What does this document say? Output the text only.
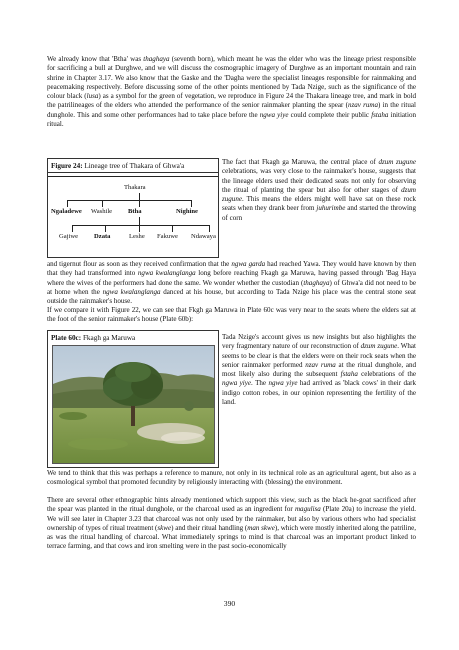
We already know that 'Btha' was thaghaya (seventh born), which meant he was the elder who was the lineage priest responsible for sacrificing a bull at Durghwe, and we will discuss the cosmographic imagery of Durghwe as an important mountain and rain shrine in Chapter 3.17. We also know that the Gaske and the 'Dagha were the specialist lineages responsible for rainmaking and peacemaking respectively. Before discussing some of the other points mentioned by Tada Nzige, such as the significance of the colour black (lusa) as a symbol for the green of vegetation, we reproduce in Figure 24 the Thakara lineage tree, and mark in bold the patrilineages of the elders who attended the performance of the senior rainmaker planting the spear (nzav ruma) in the ritual dunghole. This and some other performances had to take place before the ngwa yiye could complete their public fstaha initiation ritual.

Figure 24: Lineage tree of Thakara of Ghwa'a
Thakara
Ngaladewe Washile Btha	Nighine
Gajiwe Dzata	Leshe Fakuwe Ndawaya

The fact that Fkagh ga Maruwa, the central place of dzum zugune celebrations, was very close to the rainmaker's house, suggests that the lineage elders used their dedicated seats not only for observing the ritual of planting the spear but also for other stages of dzum zugune. This means the elders might well have sat on these rock seats when they drank beer from juhurimbe and started the throwing of corn

and tigernut flour as soon as they received confirmation that the ngwa garda had reached Yawa. They would have known by then that they had transformed into ngwa kwalanglanga long before reaching Fkagh ga Maruwa, having passed through 'Bag Haya where the wives of the performers had done the same. We wonder whether the custodian (thaghaya) of Ghwa'a did not need to be at home when the ngwa kwalanglanga danced at his house, but according to Tada Nzige his place was the central stone seat outside the rainmaker's house.

If we compare it with Figure 22, we can see that Fkgh ga Maruwa in Plate 60c was very near to the seats where the elders sat at the foot of the senior rainmaker's house (Plate 60b):

Plate 60c: Fkagh ga Maruwa	Tada Nzige's account gives us new insights but also highlights the very fragmentary nature of our reconstruction of dzum zugune. What seems to be clear is that the elders were on their rock seats when the senior rainmaker performed nzav ruma at the ritual dunghole, and most likely also during the subsequent fstaha celebrations of the ngwa yiye. The ngwa yiye had arrived as 'black cows' in their dark indigo cotton robes, in our opinion representing the fertility of the land.

We tend to think that this was perhaps a reference to manure, not only in its technical role as an agricultural agent, but also as a cosmological symbol that promoted fecundity by religiously interacting with (blessing) the environment.

There are several other ethnographic hints already mentioned which support this view, such as the black he-goat sacrificed after the spear was planted in the ritual dunghole, or the charcoal used as an ingredient for magulisa (Plate 20a) to increase the yield. We will see later in Chapter 3.23 that charcoal was not only used by the rainmaker, but also by various others who had specialist ownership of types of ritual treatment (skwe) and their ritual handling (man skwe), which were mostly inherited along the patriline, as was the ritual handling of charcoal. What immediately springs to mind is that charcoal was an important product linked to terrace farming, and that cows and iron smelting were in the past socio-economically

390
